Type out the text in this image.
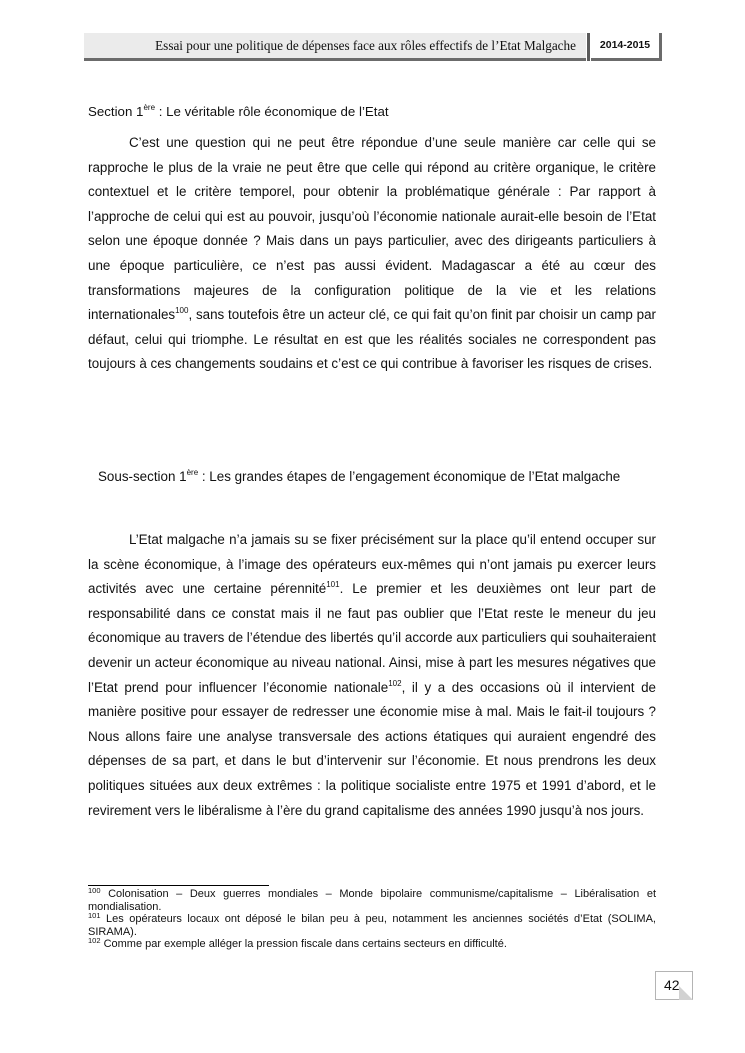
Essai pour une politique de dépenses face aux rôles effectifs de l’Etat Malgache	2014-2015
Section 1ère : Le véritable rôle économique de l’Etat
C’est une question qui ne peut être répondue d’une seule manière car celle qui se rapproche le plus de la vraie ne peut être que celle qui répond au critère organique, le critère contextuel et le critère temporel, pour obtenir la problématique générale : Par rapport à l’approche de celui qui est au pouvoir, jusqu’où l’économie nationale aurait-elle besoin de l’Etat selon une époque donnée ? Mais dans un pays particulier, avec des dirigeants particuliers à une époque particulière, ce n’est pas aussi évident. Madagascar a été au cœur des transformations majeures de la configuration politique de la vie et les relations internationales$^{100}$, sans toutefois être un acteur clé, ce qui fait qu’on finit par choisir un camp par défaut, celui qui triomphe. Le résultat en est que les réalités sociales ne correspondent pas toujours à ces changements soudains et c’est ce qui contribue à favoriser les risques de crises.
Sous-section 1ère : Les grandes étapes de l’engagement économique de l’Etat malgache
L’Etat malgache n’a jamais su se fixer précisément sur la place qu’il entend occuper sur la scène économique, à l’image des opérateurs eux-mêmes qui n’ont jamais pu exercer leurs activités avec une certaine pérennité$^{101}$. Le premier et les deuxièmes ont leur part de responsabilité dans ce constat mais il ne faut pas oublier que l’Etat reste le meneur du jeu économique au travers de l’étendue des libertés qu’il accorde aux particuliers qui souhaiteraient devenir un acteur économique au niveau national. Ainsi, mise à part les mesures négatives que l’Etat prend pour influencer l’économie nationale$^{102}$, il y a des occasions où il intervient de manière positive pour essayer de redresser une économie mise à mal. Mais le fait-il toujours ? Nous allons faire une analyse transversale des actions étatiques qui auraient engendré des dépenses de sa part, et dans le but d’intervenir sur l’économie. Et nous prendrons les deux politiques situées aux deux extrêmes : la politique socialiste entre 1975 et 1991 d’abord, et le revirement vers le libéralisme à l’ère du grand capitalisme des années 1990 jusqu’à nos jours.

$^{100}$ Colonisation – Deux guerres mondiales – Monde bipolaire communisme/capitalisme – Libéralisation et mondialisation.

$^{101}$ Les opérateurs locaux ont déposé le bilan peu à peu, notamment les anciennes sociétés d’Etat (SOLIMA, SIRAMA).

$^{102}$ Comme par exemple alléger la pression fiscale dans certains secteurs en difficulté.

42
